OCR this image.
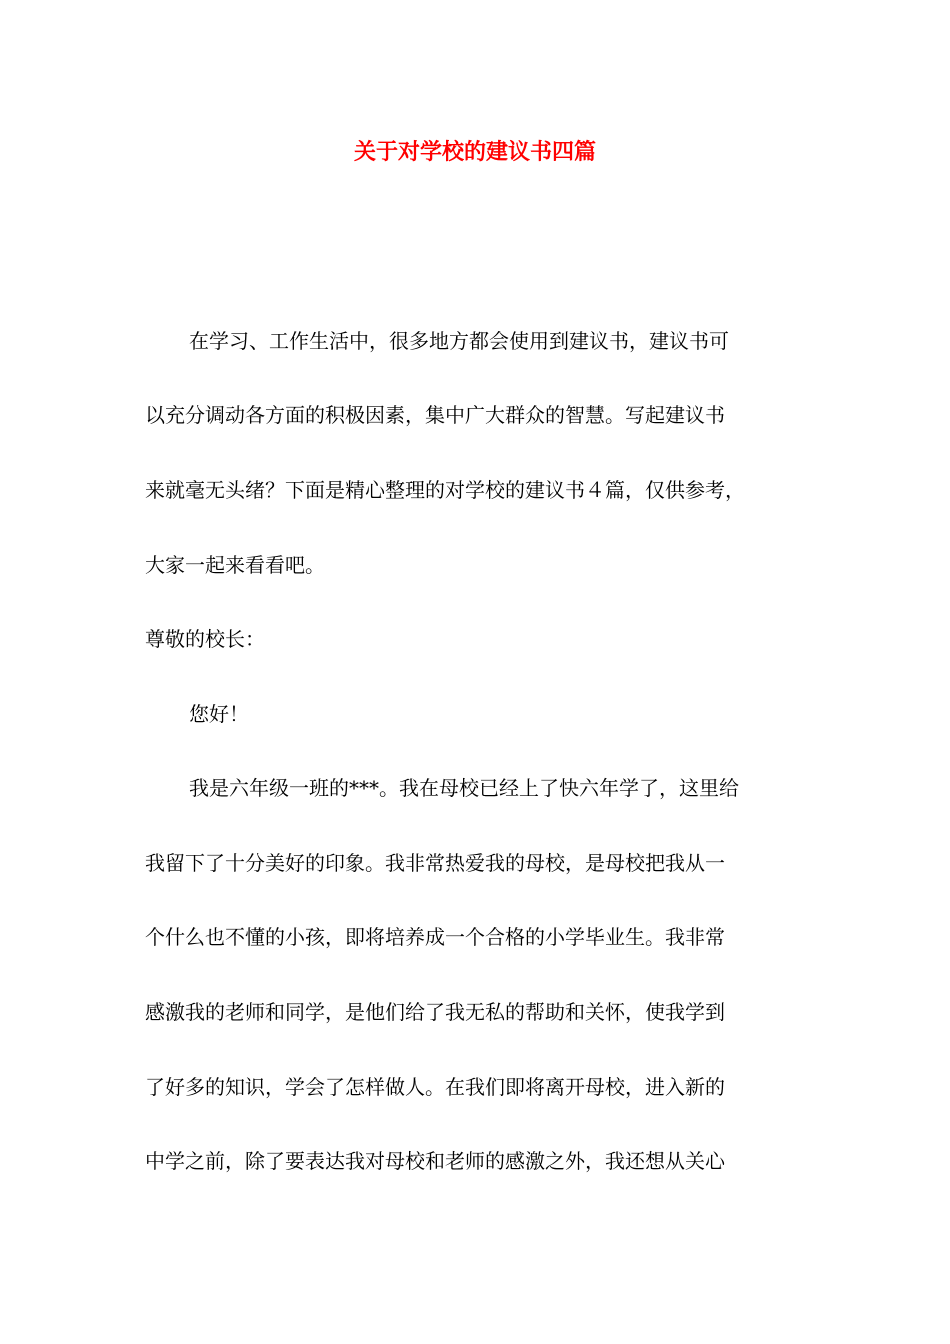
关于对学校的建议书四篇
在学习、工作生活中，很多地方都会使用到建议书，建议书可
以充分调动各方面的积极因素，集中广大群众的智慧。写起建议书
来就毫无头绪？下面是精心整理的对学校的建议书４篇，仅供参考，
大家一起来看看吧。
尊敬的校长：
您好！
我是六年级一班的***。我在母校已经上了快六年学了，这里给
我留下了十分美好的印象。我非常热爱我的母校，是母校把我从一
个什么也不懂的小孩，即将培养成一个合格的小学毕业生。我非常
感激我的老师和同学，是他们给了我无私的帮助和关怀，使我学到
了好多的知识，学会了怎样做人。在我们即将离开母校，进入新的
中学之前，除了要表达我对母校和老师的感激之外，我还想从关心
